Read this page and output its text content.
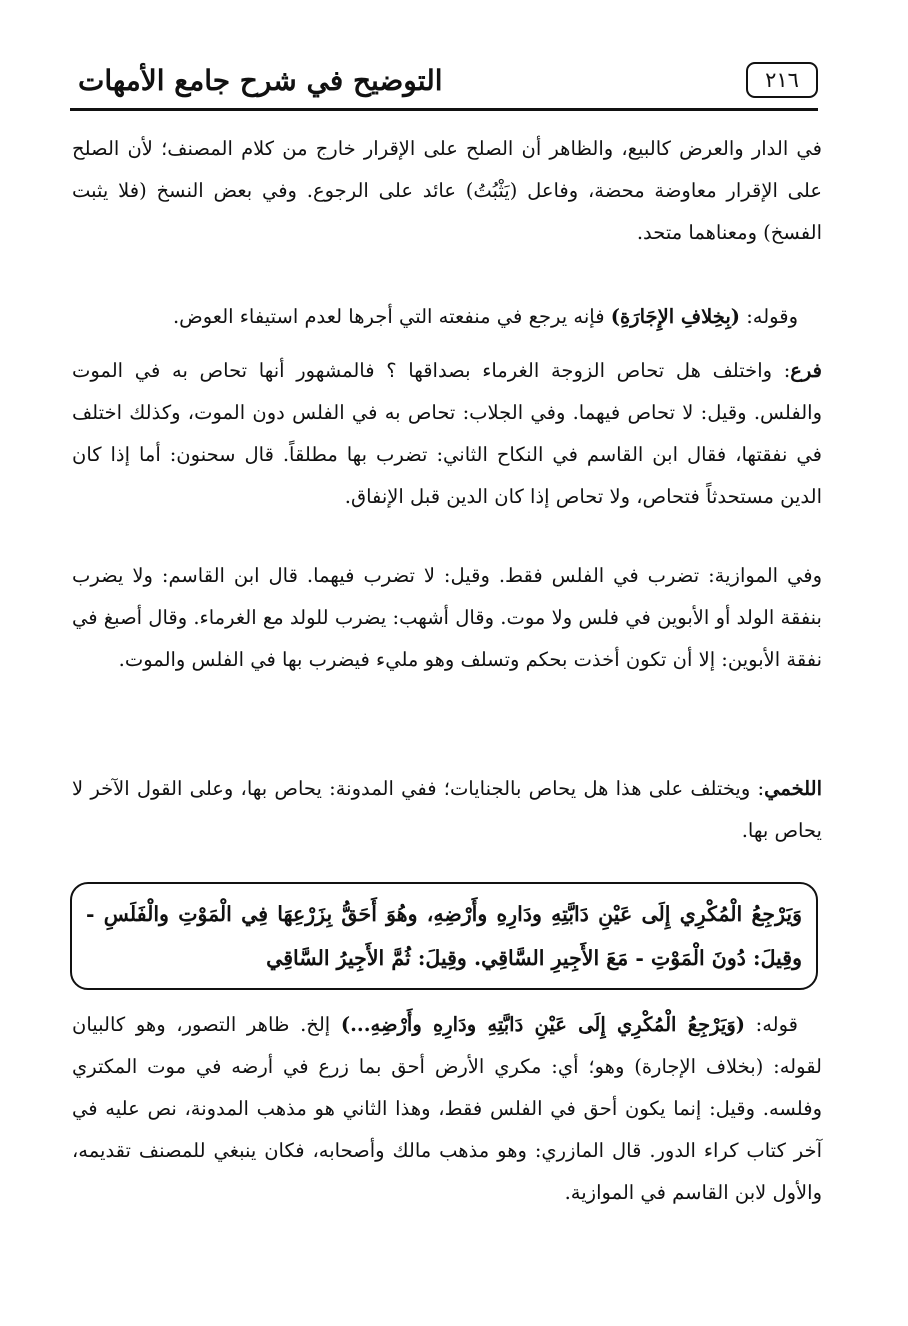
٢١٦
التوضيح في شرح جامع الأمهات

في الدار والعرض كالبيع، والظاهر أن الصلح على الإقرار خارج من كلام المصنف؛ لأن الصلح على الإقرار معاوضة محضة، وفاعل (يَثْبُتُ) عائد على الرجوع. وفي بعض النسخ (فلا يثبت الفسخ) ومعناهما متحد.

وقوله: (بِخِلافِ الإِجَارَةِ) فإنه يرجع في منفعته التي أجرها لعدم استيفاء العوض.

فرع: واختلف هل تحاص الزوجة الغرماء بصداقها ؟ فالمشهور أنها تحاص به في الموت والفلس. وقيل: لا تحاص فيهما. وفي الجلاب: تحاص به في الفلس دون الموت، وكذلك اختلف في نفقتها، فقال ابن القاسم في النكاح الثاني: تضرب بها مطلقاً. قال سحنون: أما إذا كان الدين مستحدثاً فتحاص، ولا تحاص إذا كان الدين قبل الإنفاق.

وفي الموازية: تضرب في الفلس فقط. وقيل: لا تضرب فيهما. قال ابن القاسم: ولا يضرب بنفقة الولد أو الأبوين في فلس ولا موت. وقال أشهب: يضرب للولد مع الغرماء. وقال أصبغ في نفقة الأبوين: إلا أن تكون أخذت بحكم وتسلف وهو مليء فيضرب بها في الفلس والموت.

اللخمي: ويختلف على هذا هل يحاص بالجنايات؛ ففي المدونة: يحاص بها، وعلى القول الآخر لا يحاص بها.

وَيَرْجِعُ الْمُكْرِي إِلَى عَيْنِ دَابَّتِهِ ودَارِهِ وأَرْضِهِ، وهُوَ أَحَقُّ بِزَرْعِهَا فِي الْمَوْتِ والْفَلَسِ - وقِيلَ: دُونَ الْمَوْتِ - مَعَ الأَجِيرِ السَّاقِي. وقِيلَ: ثُمَّ الأَجِيرُ السَّاقِي

قوله: (وَيَرْجِعُ الْمُكْرِي إِلَى عَيْنِ دَابَّتِهِ ودَارِهِ وأَرْضِهِ...) إلخ. ظاهر التصور، وهو كالبيان لقوله: (بخلاف الإجارة) وهو؛ أي: مكري الأرض أحق بما زرع في أرضه في موت المكتري وفلسه. وقيل: إنما يكون أحق في الفلس فقط، وهذا الثاني هو مذهب المدونة، نص عليه في آخر كتاب كراء الدور. قال المازري: وهو مذهب مالك وأصحابه، فكان ينبغي للمصنف تقديمه، والأول لابن القاسم في الموازية.
